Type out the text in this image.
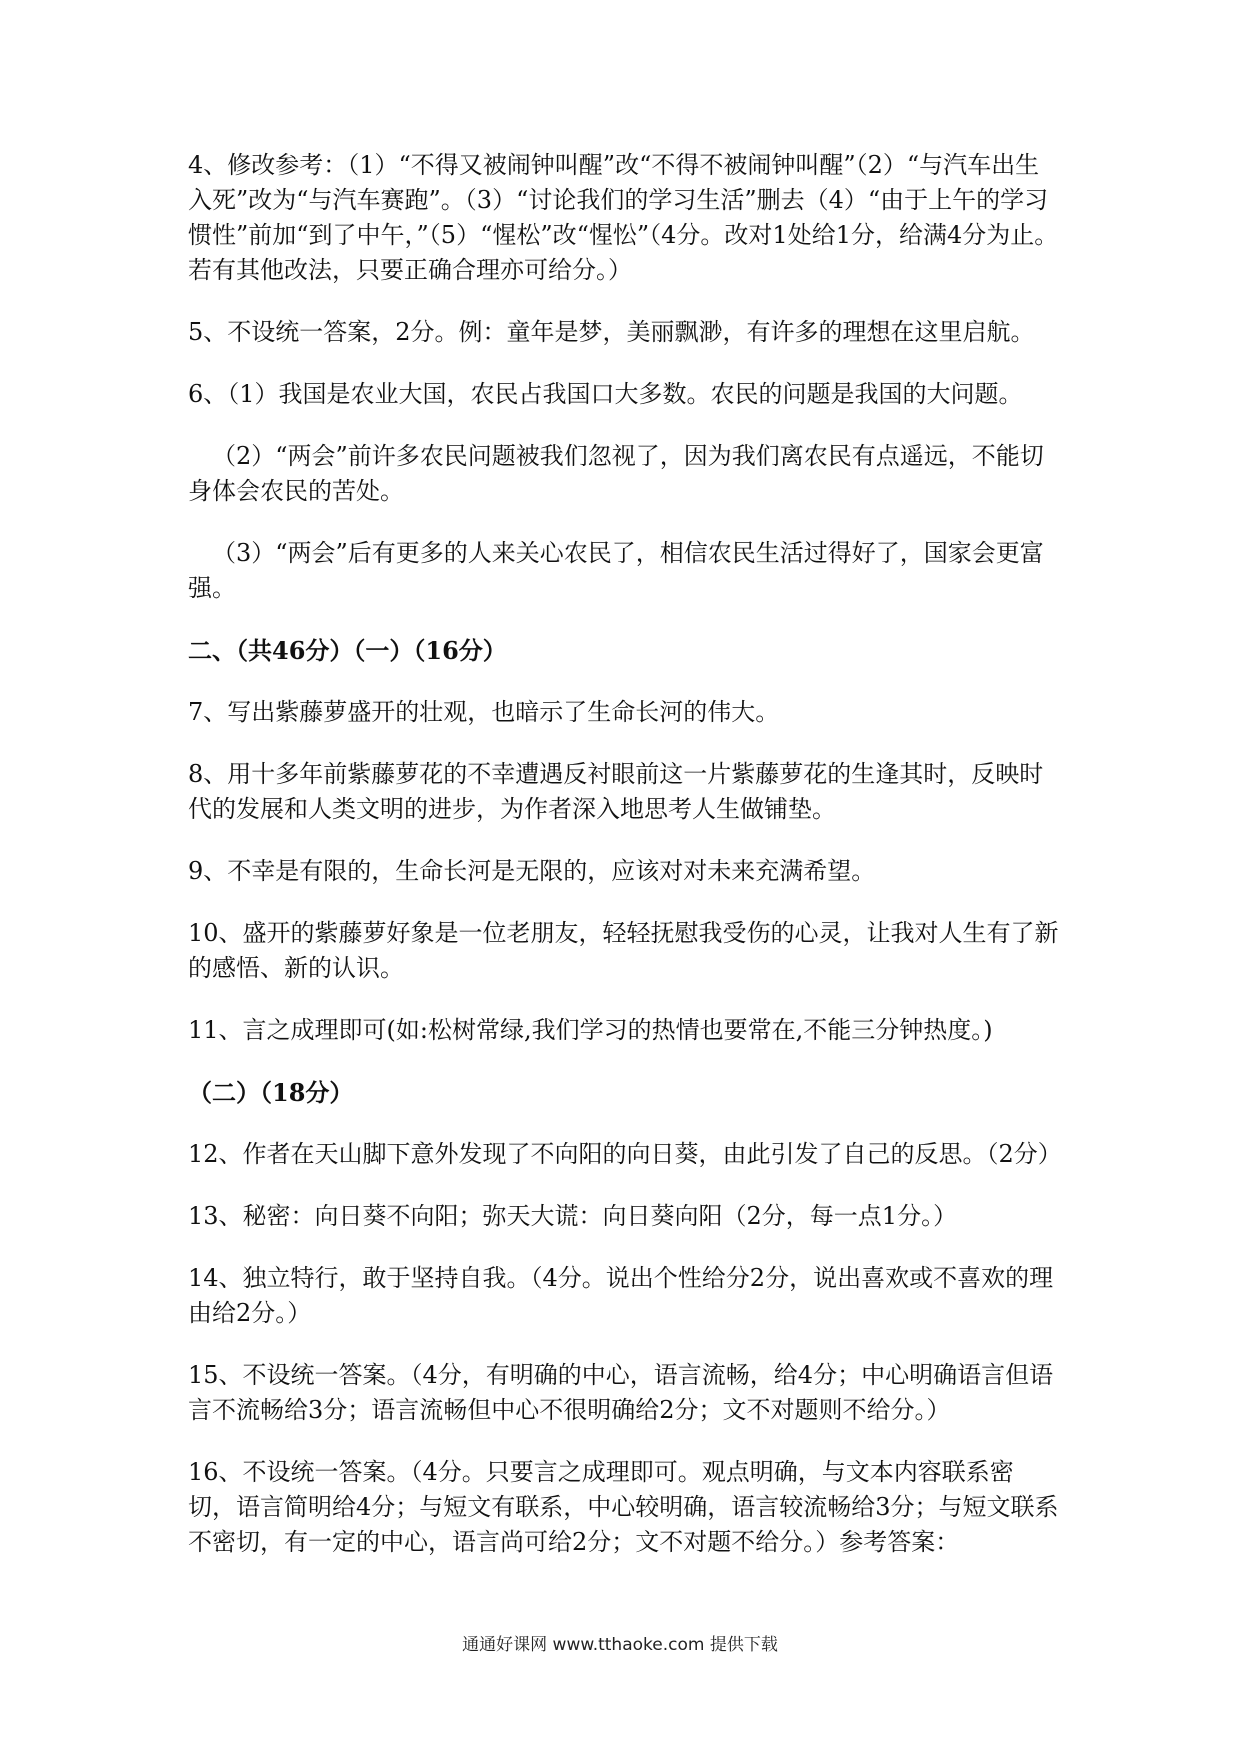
4、修改参考：（1）“不得又被闹钟叫醒”改“不得不被闹钟叫醒”（2）“与汽车出生入死”改为“与汽车赛跑”。（3）“讨论我们的学习生活”删去（4）“由于上午的学习惯性”前加“到了中午，”（5）“惺松”改“惺忪”（4分。改对1处给1分，给满4分为止。若有其他改法，只要正确合理亦可给分。）

5、不设统一答案，2分。例：童年是梦，美丽飘渺，有许多的理想在这里启航。

6、（1）我国是农业大国，农民占我国口大多数。农民的问题是我国的大问题。

（2）“两会”前许多农民问题被我们忽视了，因为我们离农民有点遥远，不能切身体会农民的苦处。

（3）“两会”后有更多的人来关心农民了，相信农民生活过得好了，国家会更富强。

二、（共46分）（一）（16分）

7、写出紫藤萝盛开的壮观，也暗示了生命长河的伟大。

8、用十多年前紫藤萝花的不幸遭遇反衬眼前这一片紫藤萝花的生逢其时，反映时代的发展和人类文明的进步，为作者深入地思考人生做铺垫。

9、不幸是有限的，生命长河是无限的，应该对对未来充满希望。

10、盛开的紫藤萝好象是一位老朋友，轻轻抚慰我受伤的心灵，让我对人生有了新的感悟、新的认识。

11、言之成理即可(如:松树常绿,我们学习的热情也要常在,不能三分钟热度。)

（二）（18分）

12、作者在天山脚下意外发现了不向阳的向日葵，由此引发了自己的反思。（2分）

13、秘密：向日葵不向阳；弥天大谎：向日葵向阳（2分，每一点1分。）

14、独立特行，敢于坚持自我。（4分。说出个性给分2分，说出喜欢或不喜欢的理由给2分。）

15、不设统一答案。（4分，有明确的中心，语言流畅，给4分；中心明确语言但语言不流畅给3分；语言流畅但中心不很明确给2分；文不对题则不给分。）

16、不设统一答案。（4分。只要言之成理即可。观点明确，与文本内容联系密切，语言简明给4分；与短文有联系，中心较明确，语言较流畅给3分；与短文联系不密切，有一定的中心，语言尚可给2分；文不对题不给分。）参考答案：

通通好课网 www.tthaoke.com 提供下载
